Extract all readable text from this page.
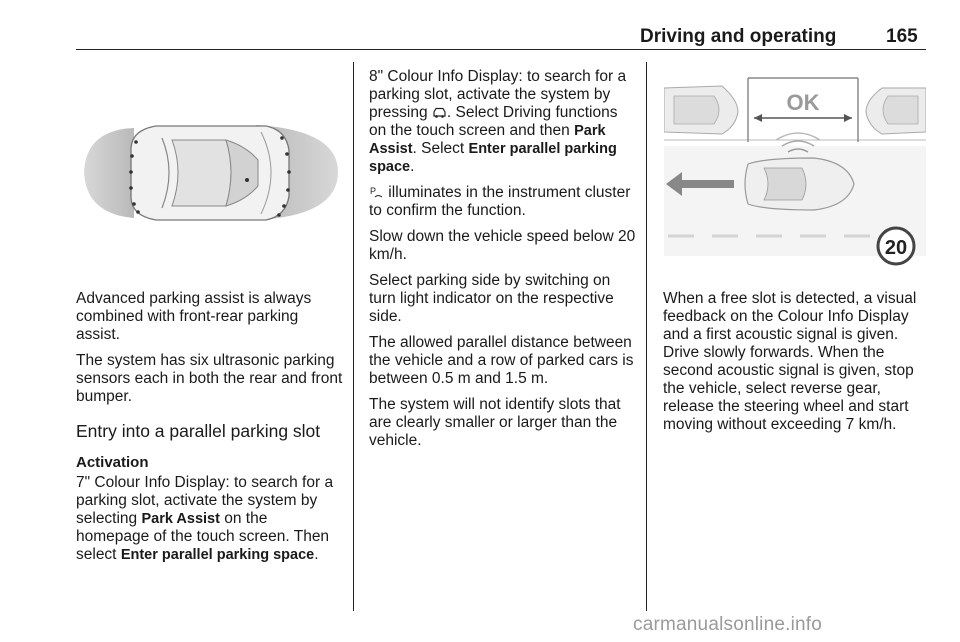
Driving and operating	165
OK
20

Advanced parking assist is always combined with front-rear parking assist.

The system has six ultrasonic parking sensors each in both the rear and front bumper.

Entry into a parallel parking slot
Activation

7" Colour Info Display: to search for a parking slot, activate the system by selecting Park Assist on the homepage of the touch screen. Then select Enter parallel parking space.

8" Colour Info Display: to search for a parking slot, activate the system by pressing . Select Driving functions on the touch screen and then Park Assist. Select Enter parallel parking space.

P illuminates in the instrument cluster to confirm the function.

Slow down the vehicle speed below 20 km/h.

Select parking side by switching on turn light indicator on the respective side.

The allowed parallel distance between the vehicle and a row of parked cars is between 0.5 m and 1.5 m.

The system will not identify slots that are clearly smaller or larger than the vehicle.

When a free slot is detected, a visual feedback on the Colour Info Display and a first acoustic signal is given. Drive slowly forwards. When the second acoustic signal is given, stop the vehicle, select reverse gear, release the steering wheel and start moving without exceeding 7 km/h.

carmanualsonline.info
